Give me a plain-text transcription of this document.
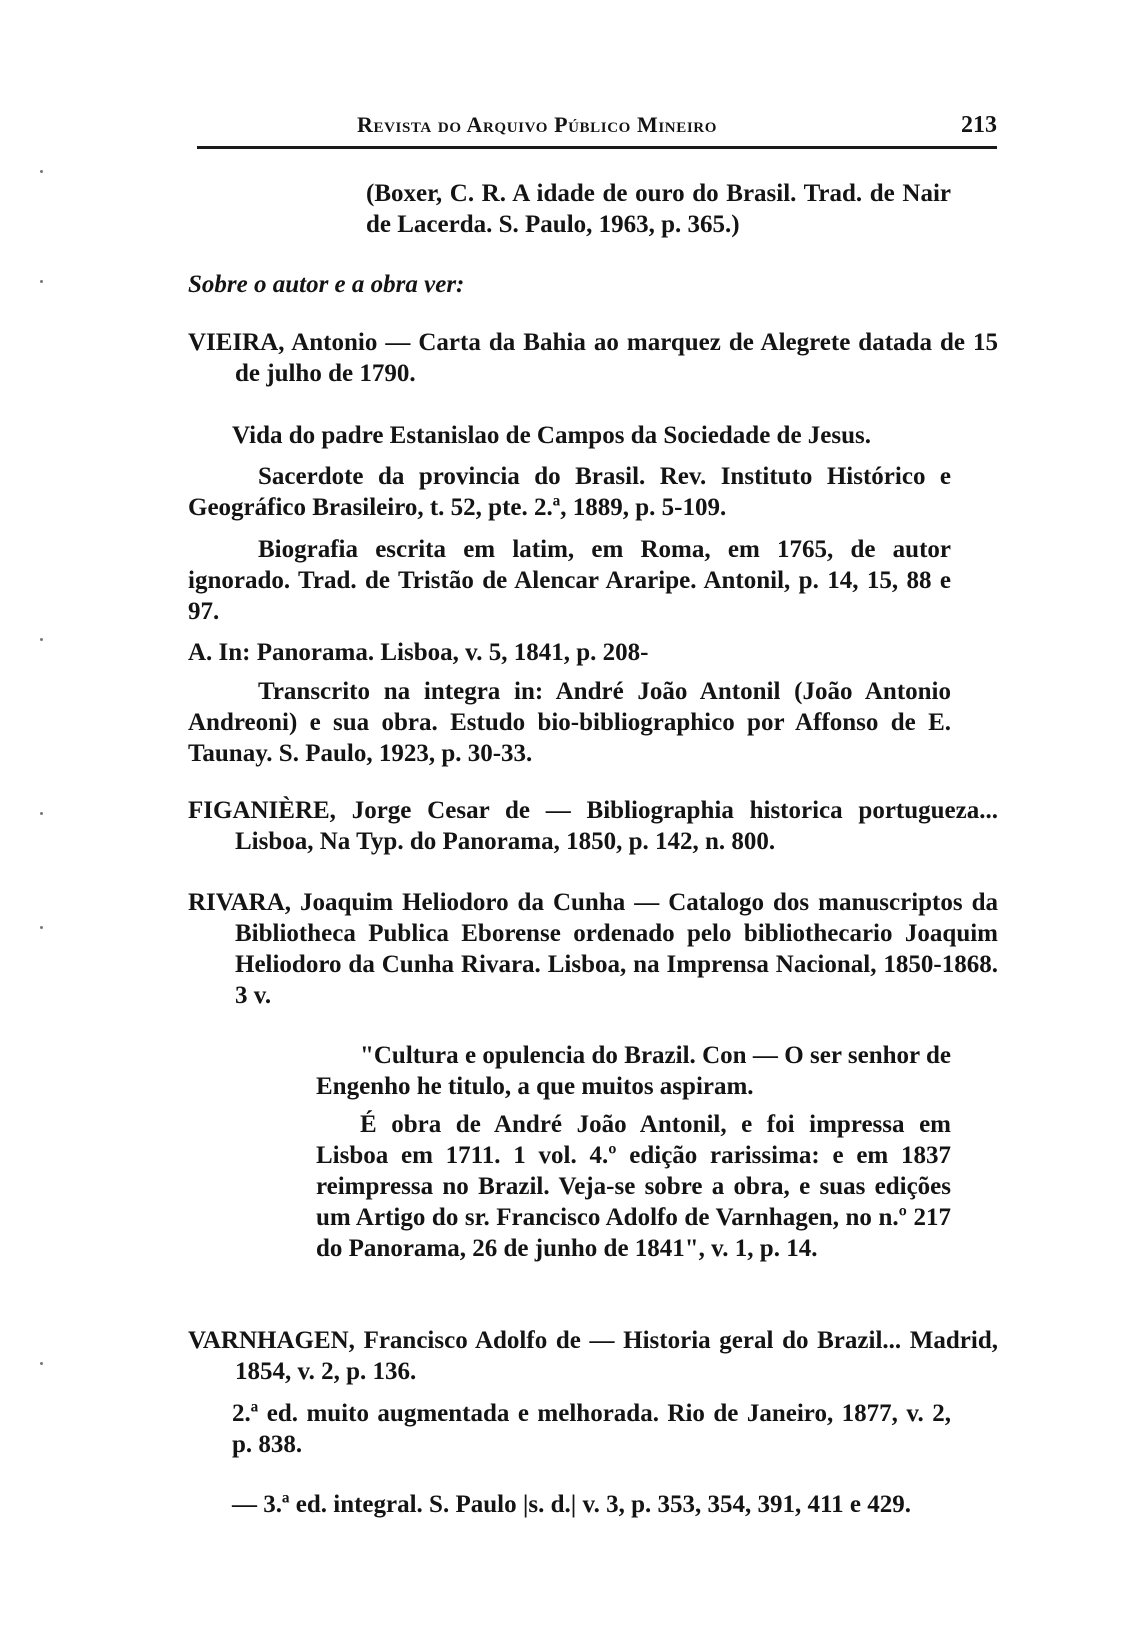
Revista do Arquivo Público Mineiro	213

(Boxer, C. R. A idade de ouro do Brasil. Trad. de Nair de Lacerda. S. Paulo, 1963, p. 365.)

Sobre o autor e a obra ver:

VIEIRA, Antonio — Carta da Bahia ao marquez de Alegrete datada de 15 de julho de 1790.

Vida do padre Estanislao de Campos da Sociedade de Jesus.

Sacerdote da provincia do Brasil. Rev. Instituto Histórico e Geográfico Brasileiro, t. 52, pte. 2.ª, 1889, p. 5-109.

Biografia escrita em latim, em Roma, em 1765, de autor ignorado. Trad. de Tristão de Alencar Araripe. Antonil, p. 14, 15, 88 e 97.

A. In: Panorama. Lisboa, v. 5, 1841, p. 208-

Transcrito na integra in: André João Antonil (João Antonio Andreoni) e sua obra. Estudo bio-bibliographico por Affonso de E. Taunay. S. Paulo, 1923, p. 30-33.

FIGANIÈRE, Jorge Cesar de — Bibliographia historica portugueza... Lisboa, Na Typ. do Panorama, 1850, p. 142, n. 800.

RIVARA, Joaquim Heliodoro da Cunha — Catalogo dos manuscriptos da Bibliotheca Publica Eborense ordenado pelo bibliothecario Joaquim Heliodoro da Cunha Rivara. Lisboa, na Imprensa Nacional, 1850-1868. 3 v.

"Cultura e opulencia do Brazil. Con — O ser senhor de Engenho he titulo, a que muitos aspiram.

É obra de André João Antonil, e foi impressa em Lisboa em 1711. 1 vol. 4.º edição rarissima: e em 1837 reimpressa no Brazil. Veja-se sobre a obra, e suas edições um Artigo do sr. Francisco Adolfo de Varnhagen, no n.º 217 do Panorama, 26 de junho de 1841", v. 1, p. 14.

VARNHAGEN, Francisco Adolfo de — Historia geral do Brazil... Madrid, 1854, v. 2, p. 136.

2.ª ed. muito augmentada e melhorada. Rio de Janeiro, 1877, v. 2, p. 838.

— 3.ª ed. integral. S. Paulo |s. d.| v. 3, p. 353, 354, 391, 411 e 429.
